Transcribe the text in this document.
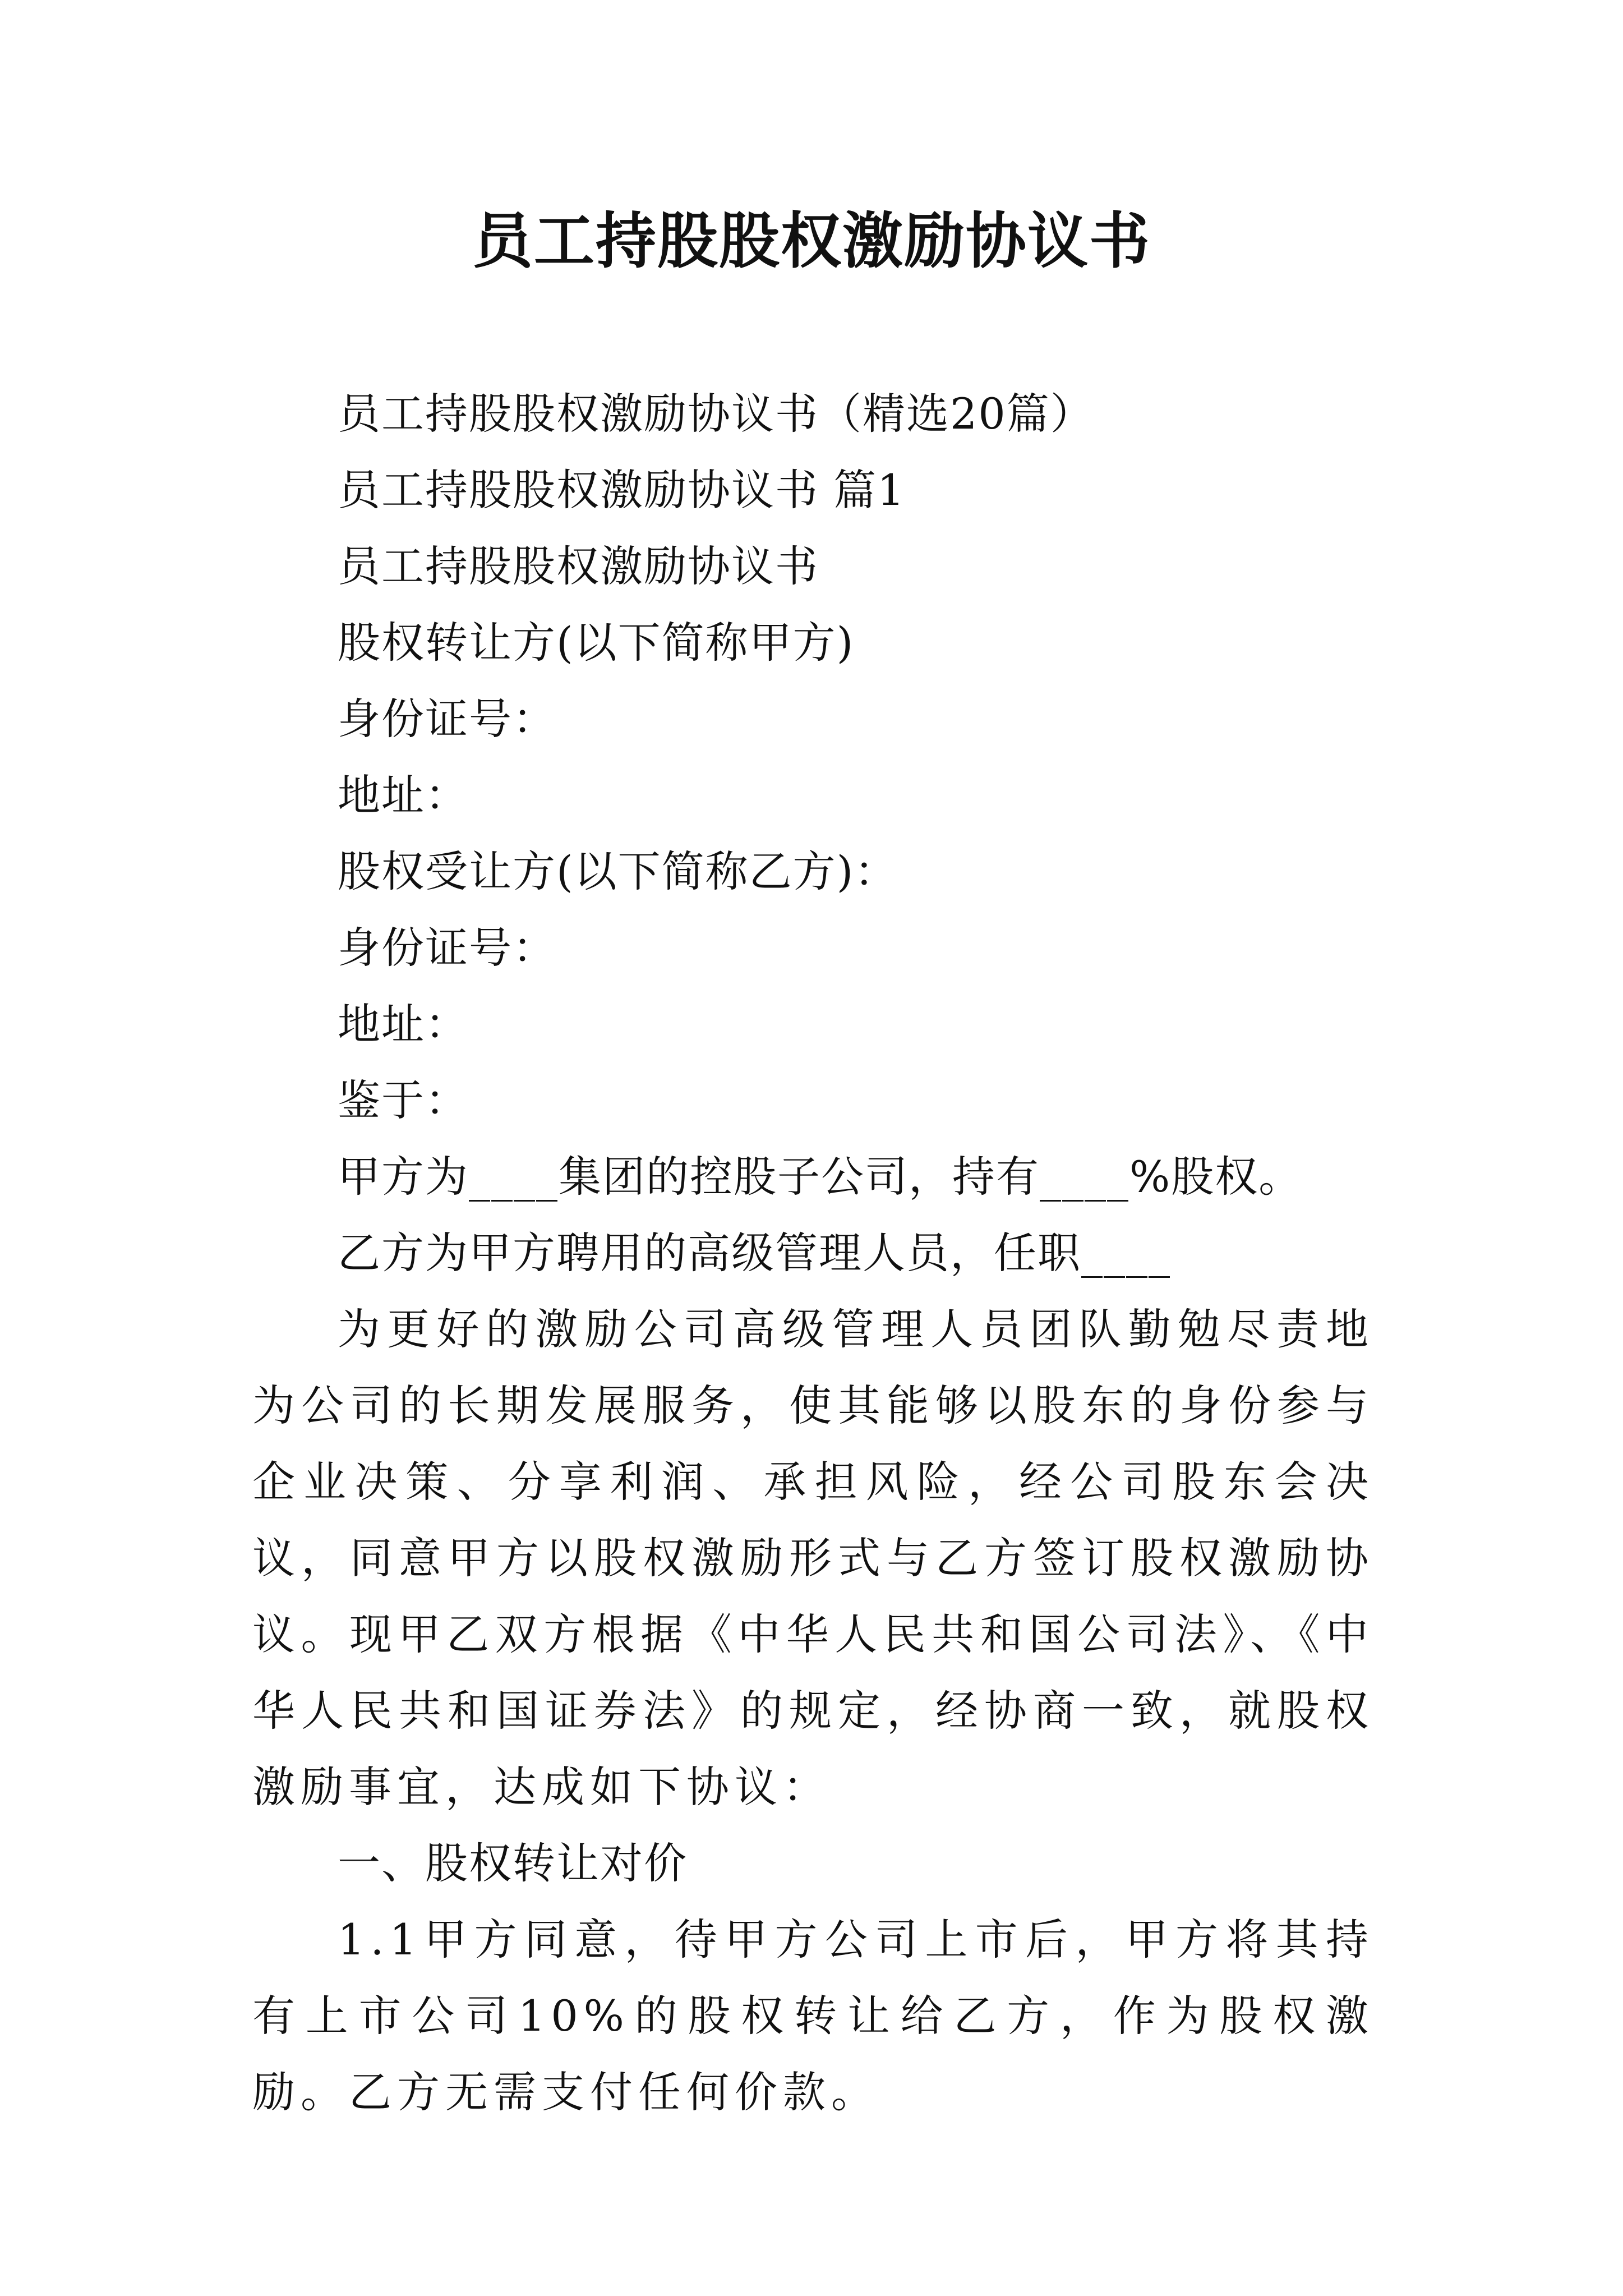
员工持股股权激励协议书

员工持股股权激励协议书（精选20篇）

员工持股股权激励协议书 篇1

员工持股股权激励协议书

股权转让方(以下简称甲方)

身份证号：

地址：

股权受让方(以下简称乙方)：

身份证号：

地址：

鉴于：

甲方为____集团的控股子公司，持有____%股权。

乙方为甲方聘用的高级管理人员，任职____

为更好的激励公司高级管理人员团队勤勉尽责地为公司的长期发展服务，使其能够以股东的身份参与企业决策、分享利润、承担风险，经公司股东会决议，同意甲方以股权激励形式与乙方签订股权激励协议。现甲乙双方根据《中华人民共和国公司法》、《中华人民共和国证券法》的规定，经协商一致，就股权激励事宜，达成如下协议：

一、股权转让对价

1.1甲方同意，待甲方公司上市后，甲方将其持有上市公司10%的股权转让给乙方，作为股权激励。乙方无需支付任何价款。
